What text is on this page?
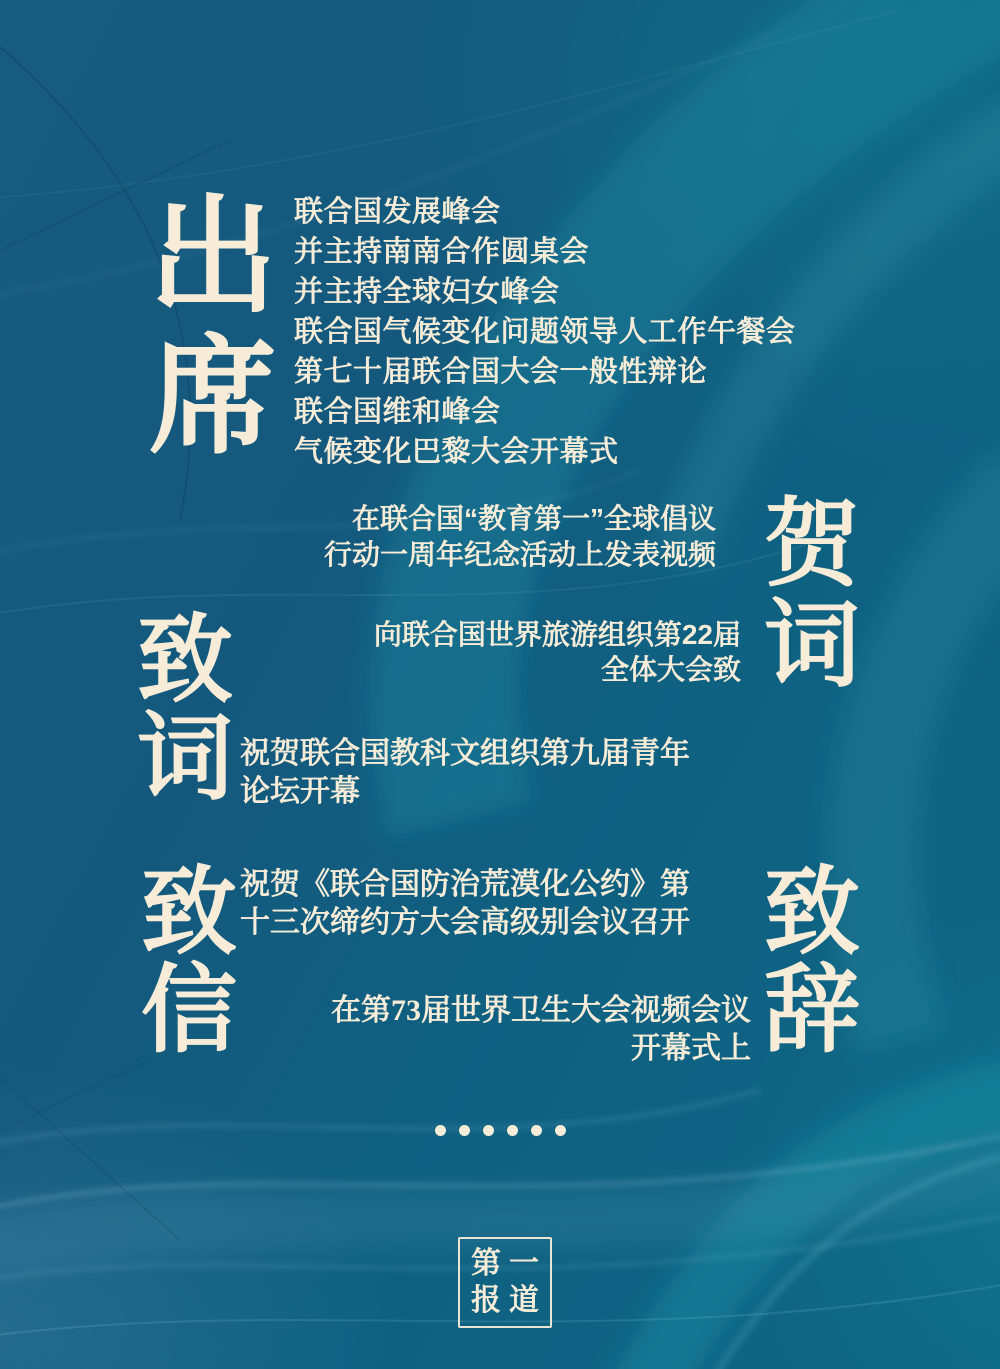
出
席
联合国发展峰会
并主持南南合作圆桌会
并主持全球妇女峰会
联合国气候变化问题领导人工作午餐会
第七十届联合国大会一般性辩论
联合国维和峰会
气候变化巴黎大会开幕式
贺
词
在联合国“教育第一”全球倡议
行动一周年纪念活动上发表视频
向联合国世界旅游组织第22届
全体大会致
致
词 祝贺联合国教科文组织第九届青年
论坛开幕
致
信
祝贺《联合国防治荒漠化公约》第
十三次缔约方大会高级别会议召开 致
辞
在第73届世界卫生大会视频会议
开幕式上
第 一
报 道
